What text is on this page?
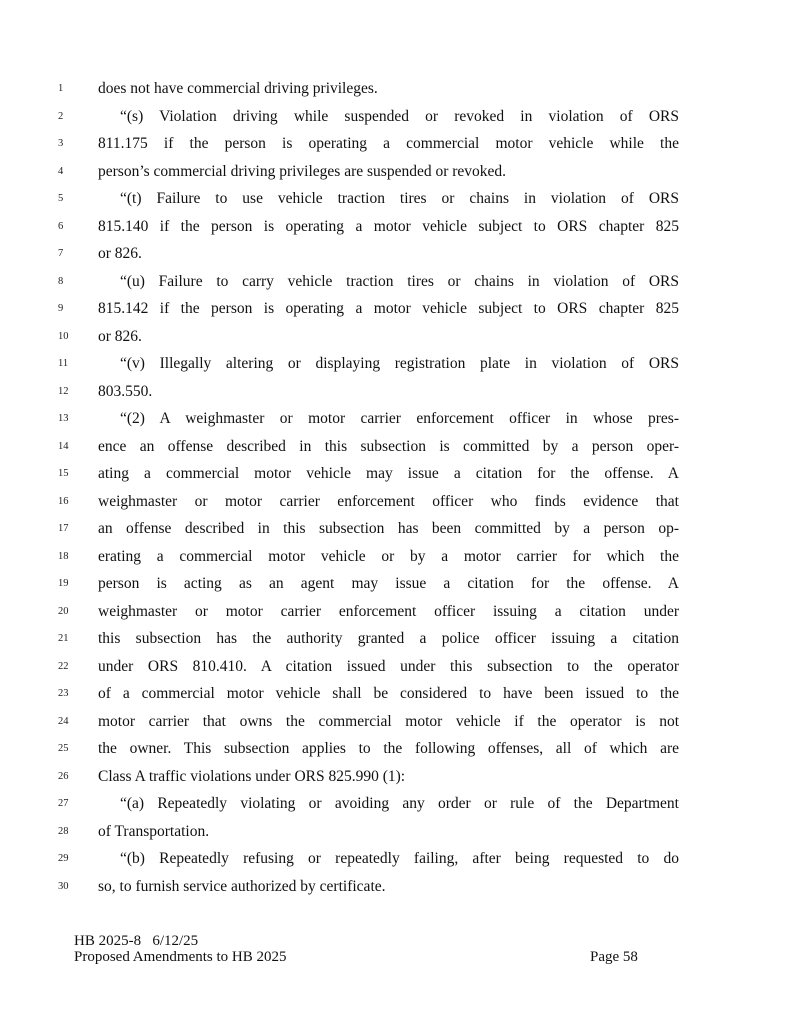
1	does not have commercial driving privileges.
2	“(s) Violation driving while suspended or revoked in violation of ORS
3	811.175 if the person is operating a commercial motor vehicle while the
4	person’s commercial driving privileges are suspended or revoked.
5	“(t) Failure to use vehicle traction tires or chains in violation of ORS
6	815.140 if the person is operating a motor vehicle subject to ORS chapter 825
7	or 826.
8	“(u) Failure to carry vehicle traction tires or chains in violation of ORS
9	815.142 if the person is operating a motor vehicle subject to ORS chapter 825
10	or 826.
11	“(v) Illegally altering or displaying registration plate in violation of ORS
12	803.550.
13	“(2) A weighmaster or motor carrier enforcement officer in whose pres-
14	ence an offense described in this subsection is committed by a person oper-
15	ating a commercial motor vehicle may issue a citation for the offense. A
16	weighmaster or motor carrier enforcement officer who finds evidence that
17	an offense described in this subsection has been committed by a person op-
18	erating a commercial motor vehicle or by a motor carrier for which the
19	person is acting as an agent may issue a citation for the offense. A
20	weighmaster or motor carrier enforcement officer issuing a citation under
21	this subsection has the authority granted a police officer issuing a citation
22	under ORS 810.410. A citation issued under this subsection to the operator
23	of a commercial motor vehicle shall be considered to have been issued to the
24	motor carrier that owns the commercial motor vehicle if the operator is not
25	the owner. This subsection applies to the following offenses, all of which are
26	Class A traffic violations under ORS 825.990 (1):
27	“(a) Repeatedly violating or avoiding any order or rule of the Department
28	of Transportation.
29	“(b) Repeatedly refusing or repeatedly failing, after being requested to do
30	so, to furnish service authorized by certificate.
HB 2025-8   6/12/25
Proposed Amendments to HB 2025	Page 58
